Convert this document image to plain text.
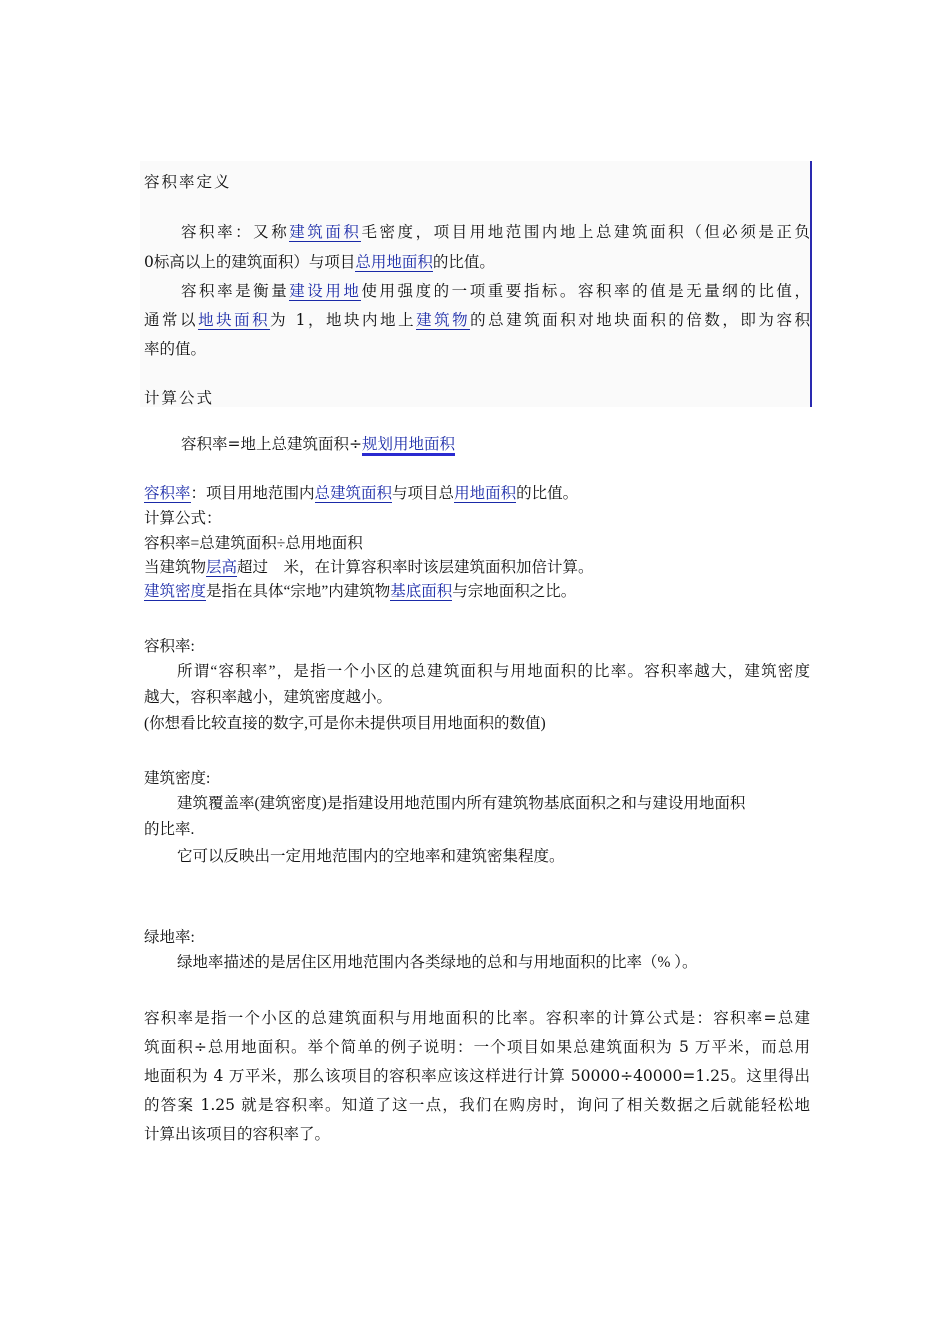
容积率定义
容积率：又称建筑面积毛密度，项目用地范围内地上总建筑面积（但必须是正负
0标高以上的建筑面积）与项目总用地面积的比值。
容积率是衡量建设用地使用强度的一项重要指标。容积率的值是无量纲的比值，
通常以地块面积为 1，地块内地上建筑物的总建筑面积对地块面积的倍数，即为容积
率的值。
计算公式
容积率=地上总建筑面积÷规划用地面积
容积率：项目用地范围内总建筑面积与项目总用地面积的比值。
计算公式：
容积率=总建筑面积÷总用地面积
当建筑物层高超过    米，在计算容积率时该层建筑面积加倍计算。
建筑密度是指在具体“宗地”内建筑物基底面积与宗地面积之比。
容积率:
所谓“容积率”，是指一个小区的总建筑面积与用地面积的比率。容积率越大，建筑密度
越大，容积率越小，建筑密度越小。
(你想看比较直接的数字,可是你未提供项目用地面积的数值)
建筑密度:
建筑覆盖率(建筑密度)是指建设用地范围内所有建筑物基底面积之和与建设用地面积
的比率.
它可以反映出一定用地范围内的空地率和建筑密集程度。
绿地率:
绿地率描述的是居住区用地范围内各类绿地的总和与用地面积的比率（% ）。
容积率是指一个小区的总建筑面积与用地面积的比率。容积率的计算公式是：容积率=总建
筑面积÷总用地面积。举个简单的例子说明：一个项目如果总建筑面积为 5 万平米，而总用
地面积为 4 万平米，那么该项目的容积率应该这样进行计算 50000÷40000=1.25。这里得出
的答案 1.25 就是容积率。知道了这一点，我们在购房时，询问了相关数据之后就能轻松地
计算出该项目的容积率了。
